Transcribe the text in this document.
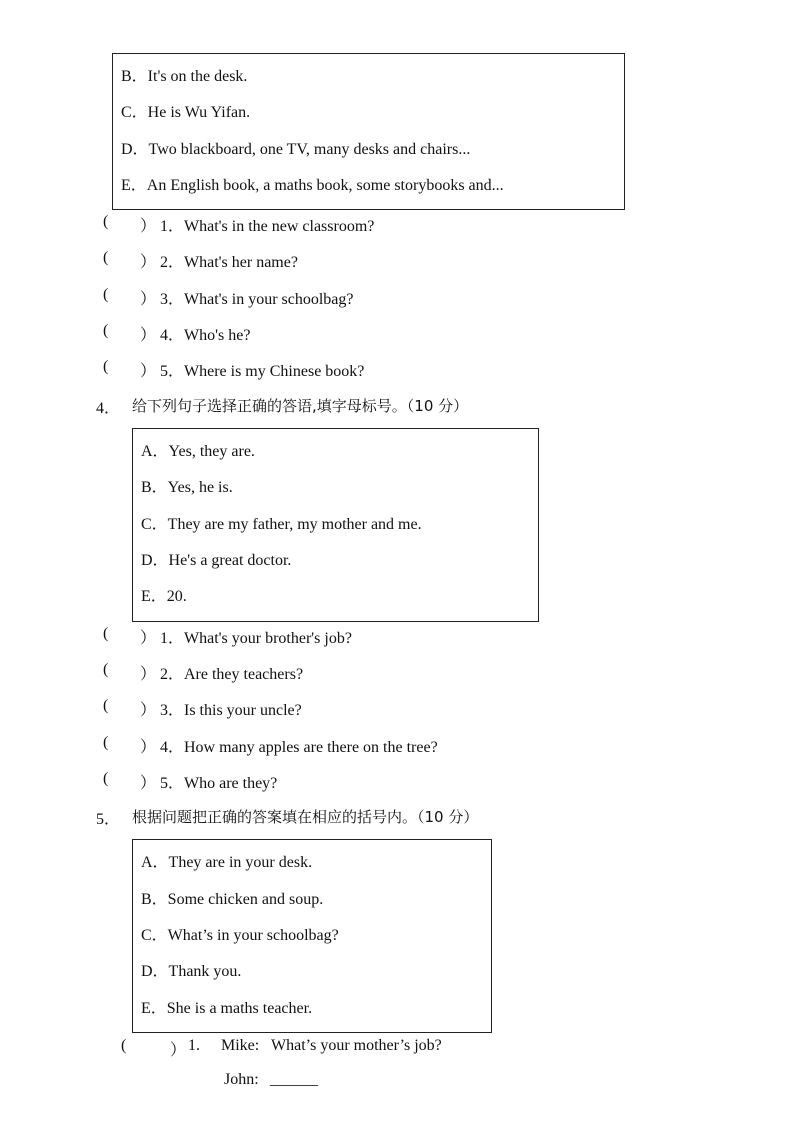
B．It's on the desk.
C．He is Wu Yifan.
D．Two blackboard, one TV, many desks and chairs...
E．An English book, a maths book, some storybooks and...
( ） 1．What's in the new classroom?
( ） 2．What's her name?
( ） 3．What's in your schoolbag?
( ） 4．Who's he?
( ） 5．Where is my Chinese book?
4． 给下列句子选择正确的答语,填字母标号。（10 分）
A．Yes, they are.
B．Yes, he is.
C．They are my father, my mother and me.
D．He's a great doctor.
E．20.
( ） 1．What's your brother's job?
( ） 2．Are they teachers?
( ） 3．Is this your uncle?
( ） 4．How many apples are there on the tree?
( ） 5．Who are they?
5． 根据问题把正确的答案填在相应的括号内。（10 分）
A．They are in your desk.
B．Some chicken and soup.
C．What’s in your schoolbag?
D．Thank you.
E．She is a maths teacher.
(	） 1. Mike: What’s your mother’s job?
John: ______
